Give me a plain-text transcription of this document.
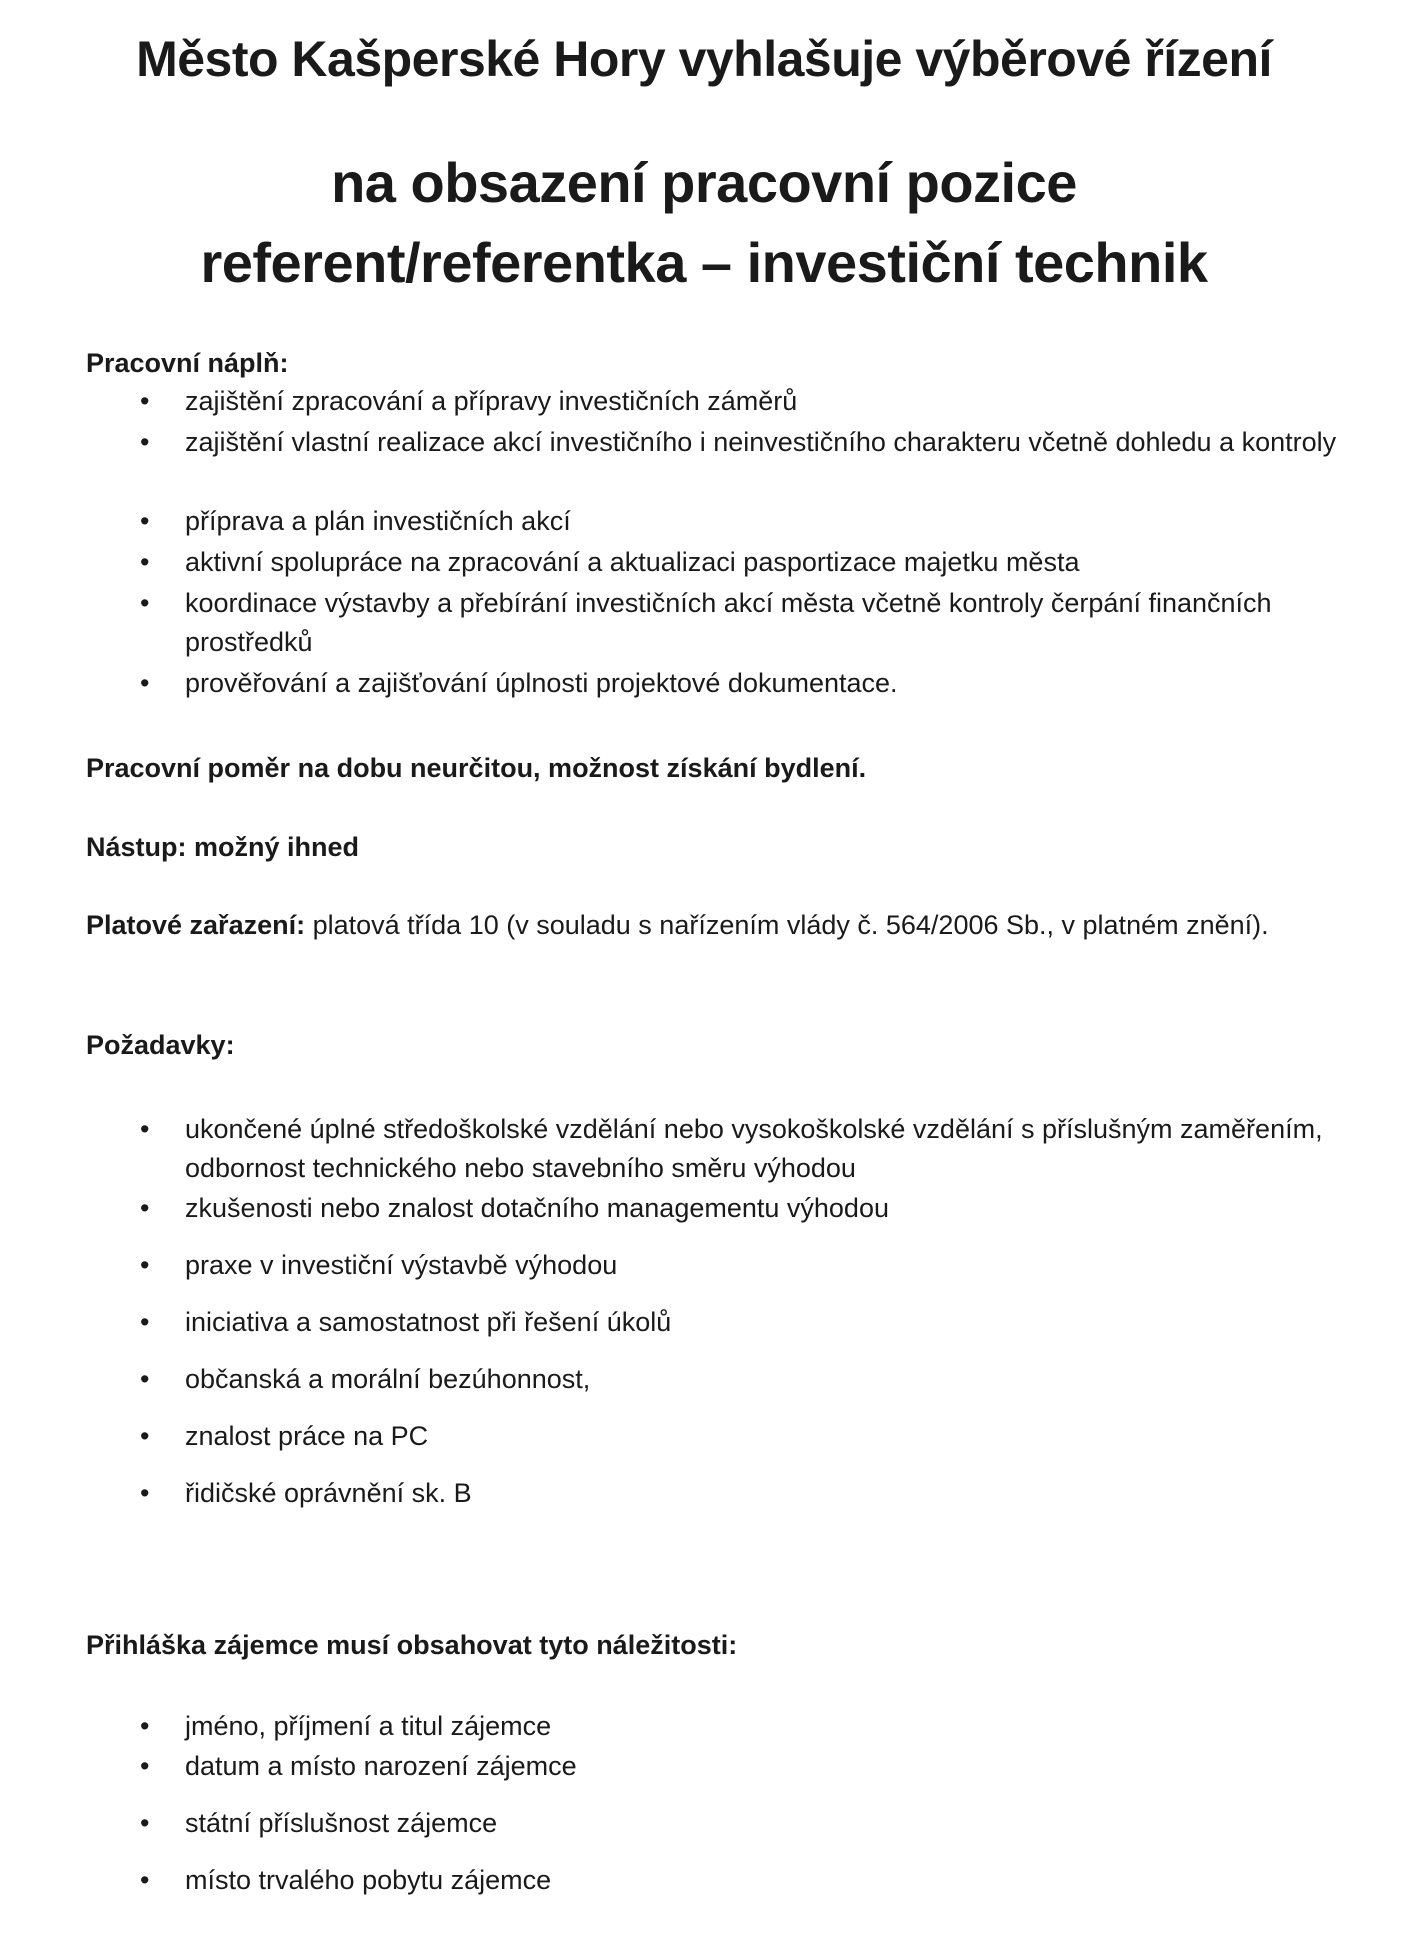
Město Kašperské Hory vyhlašuje výběrové řízení
na obsazení pracovní pozice
referent/referentka – investiční technik
Pracovní náplň:
• zajištění zpracování a přípravy investičních záměrů
• zajištění vlastní realizace akcí investičního i neinvestičního charakteru včetně dohledu a kontroly
• příprava a plán investičních akcí
• aktivní spolupráce na zpracování a aktualizaci pasportizace majetku města
• koordinace výstavby a přebírání investičních akcí města včetně kontroly čerpání finančních prostředků
• prověřování a zajišťování úplnosti projektové dokumentace.
Pracovní poměr na dobu neurčitou, možnost získání bydlení.
Nástup: možný ihned
Platové zařazení: platová třída 10 (v souladu s nařízením vlády č. 564/2006 Sb., v platném znění).
Požadavky:
• ukončené úplné středoškolské vzdělání nebo vysokoškolské vzdělání s příslušným zaměřením, odbornost technického nebo stavebního směru výhodou
• zkušenosti nebo znalost dotačního managementu výhodou
• praxe v investiční výstavbě výhodou
• iniciativa a samostatnost při řešení úkolů
• občanská a morální bezúhonnost,
• znalost práce na PC
• řidičské oprávnění sk. B
Přihláška zájemce musí obsahovat tyto náležitosti:
• jméno, příjmení a titul zájemce
• datum a místo narození zájemce
• státní příslušnost zájemce
• místo trvalého pobytu zájemce
